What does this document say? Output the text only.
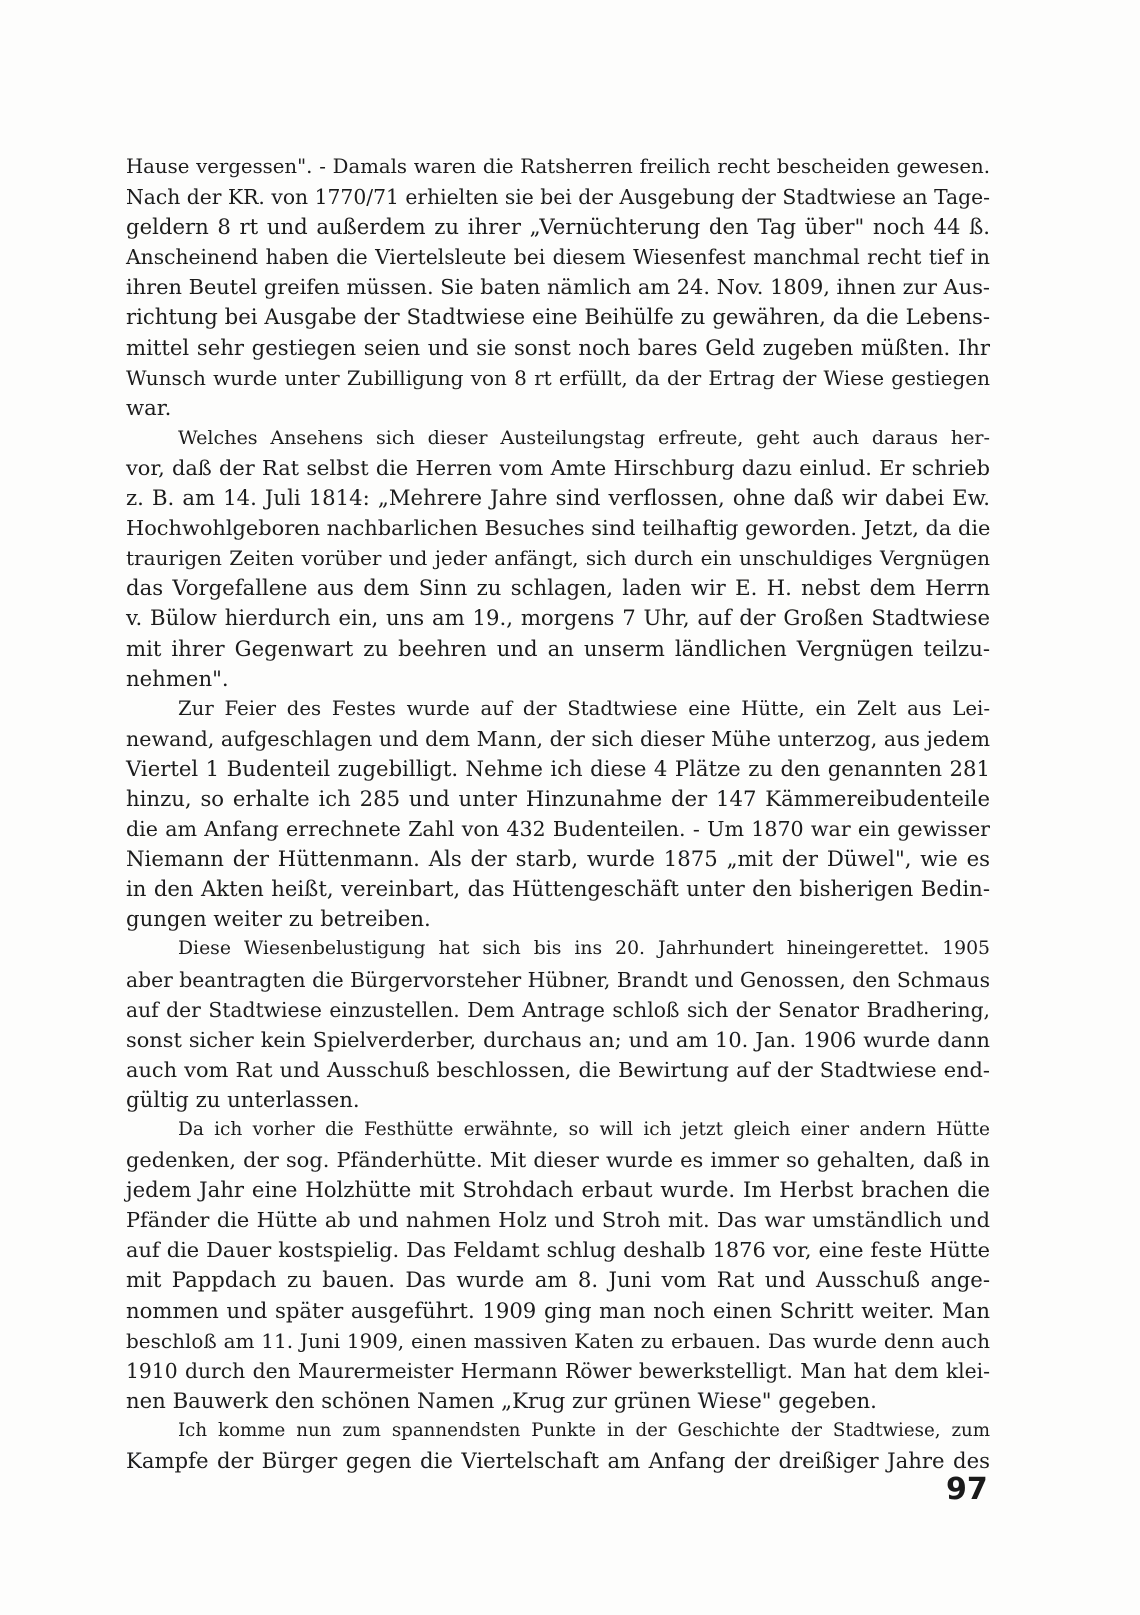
Hause vergessen". - Damals waren die Ratsherren freilich recht bescheiden gewesen.
Nach der KR. von 1770/71 erhielten sie bei der Ausgebung der Stadtwiese an Tage-
geldern 8 rt und außerdem zu ihrer „Vernüchterung den Tag über" noch 44 ß.
Anscheinend haben die Viertelsleute bei diesem Wiesenfest manchmal recht tief in
ihren Beutel greifen müssen. Sie baten nämlich am 24. Nov. 1809, ihnen zur Aus-
richtung bei Ausgabe der Stadtwiese eine Beihülfe zu gewähren, da die Lebens-
mittel sehr gestiegen seien und sie sonst noch bares Geld zugeben müßten. Ihr
Wunsch wurde unter Zubilligung von 8 rt erfüllt, da der Ertrag der Wiese gestiegen
war.
Welches Ansehens sich dieser Austeilungstag erfreute, geht auch daraus her-
vor, daß der Rat selbst die Herren vom Amte Hirschburg dazu einlud. Er schrieb
z. B. am 14. Juli 1814: „Mehrere Jahre sind verflossen, ohne daß wir dabei Ew.
Hochwohlgeboren nachbarlichen Besuches sind teilhaftig geworden. Jetzt, da die
traurigen Zeiten vorüber und jeder anfängt, sich durch ein unschuldiges Vergnügen
das Vorgefallene aus dem Sinn zu schlagen, laden wir E. H. nebst dem Herrn
v. Bülow hierdurch ein, uns am 19., morgens 7 Uhr, auf der Großen Stadtwiese
mit ihrer Gegenwart zu beehren und an unserm ländlichen Vergnügen teilzu-
nehmen".
Zur Feier des Festes wurde auf der Stadtwiese eine Hütte, ein Zelt aus Lei-
newand, aufgeschlagen und dem Mann, der sich dieser Mühe unterzog, aus jedem
Viertel 1 Budenteil zugebilligt. Nehme ich diese 4 Plätze zu den genannten 281
hinzu, so erhalte ich 285 und unter Hinzunahme der 147 Kämmereibudenteile
die am Anfang errechnete Zahl von 432 Budenteilen. - Um 1870 war ein gewisser
Niemann der Hüttenmann. Als der starb, wurde 1875 „mit der Düwel", wie es
in den Akten heißt, vereinbart, das Hüttengeschäft unter den bisherigen Bedin-
gungen weiter zu betreiben.
Diese Wiesenbelustigung hat sich bis ins 20. Jahrhundert hineingerettet. 1905
aber beantragten die Bürgervorsteher Hübner, Brandt und Genossen, den Schmaus
auf der Stadtwiese einzustellen. Dem Antrage schloß sich der Senator Bradhering,
sonst sicher kein Spielverderber, durchaus an; und am 10. Jan. 1906 wurde dann
auch vom Rat und Ausschuß beschlossen, die Bewirtung auf der Stadtwiese end-
gültig zu unterlassen.
Da ich vorher die Festhütte erwähnte, so will ich jetzt gleich einer andern Hütte
gedenken, der sog. Pfänderhütte. Mit dieser wurde es immer so gehalten, daß in
jedem Jahr eine Holzhütte mit Strohdach erbaut wurde. Im Herbst brachen die
Pfänder die Hütte ab und nahmen Holz und Stroh mit. Das war umständlich und
auf die Dauer kostspielig. Das Feldamt schlug deshalb 1876 vor, eine feste Hütte
mit Pappdach zu bauen. Das wurde am 8. Juni vom Rat und Ausschuß ange-
nommen und später ausgeführt. 1909 ging man noch einen Schritt weiter. Man
beschloß am 11. Juni 1909, einen massiven Katen zu erbauen. Das wurde denn auch
1910 durch den Maurermeister Hermann Röwer bewerkstelligt. Man hat dem klei-
nen Bauwerk den schönen Namen „Krug zur grünen Wiese" gegeben.
Ich komme nun zum spannendsten Punkte in der Geschichte der Stadtwiese, zum
Kampfe der Bürger gegen die Viertelschaft am Anfang der dreißiger Jahre des
97
